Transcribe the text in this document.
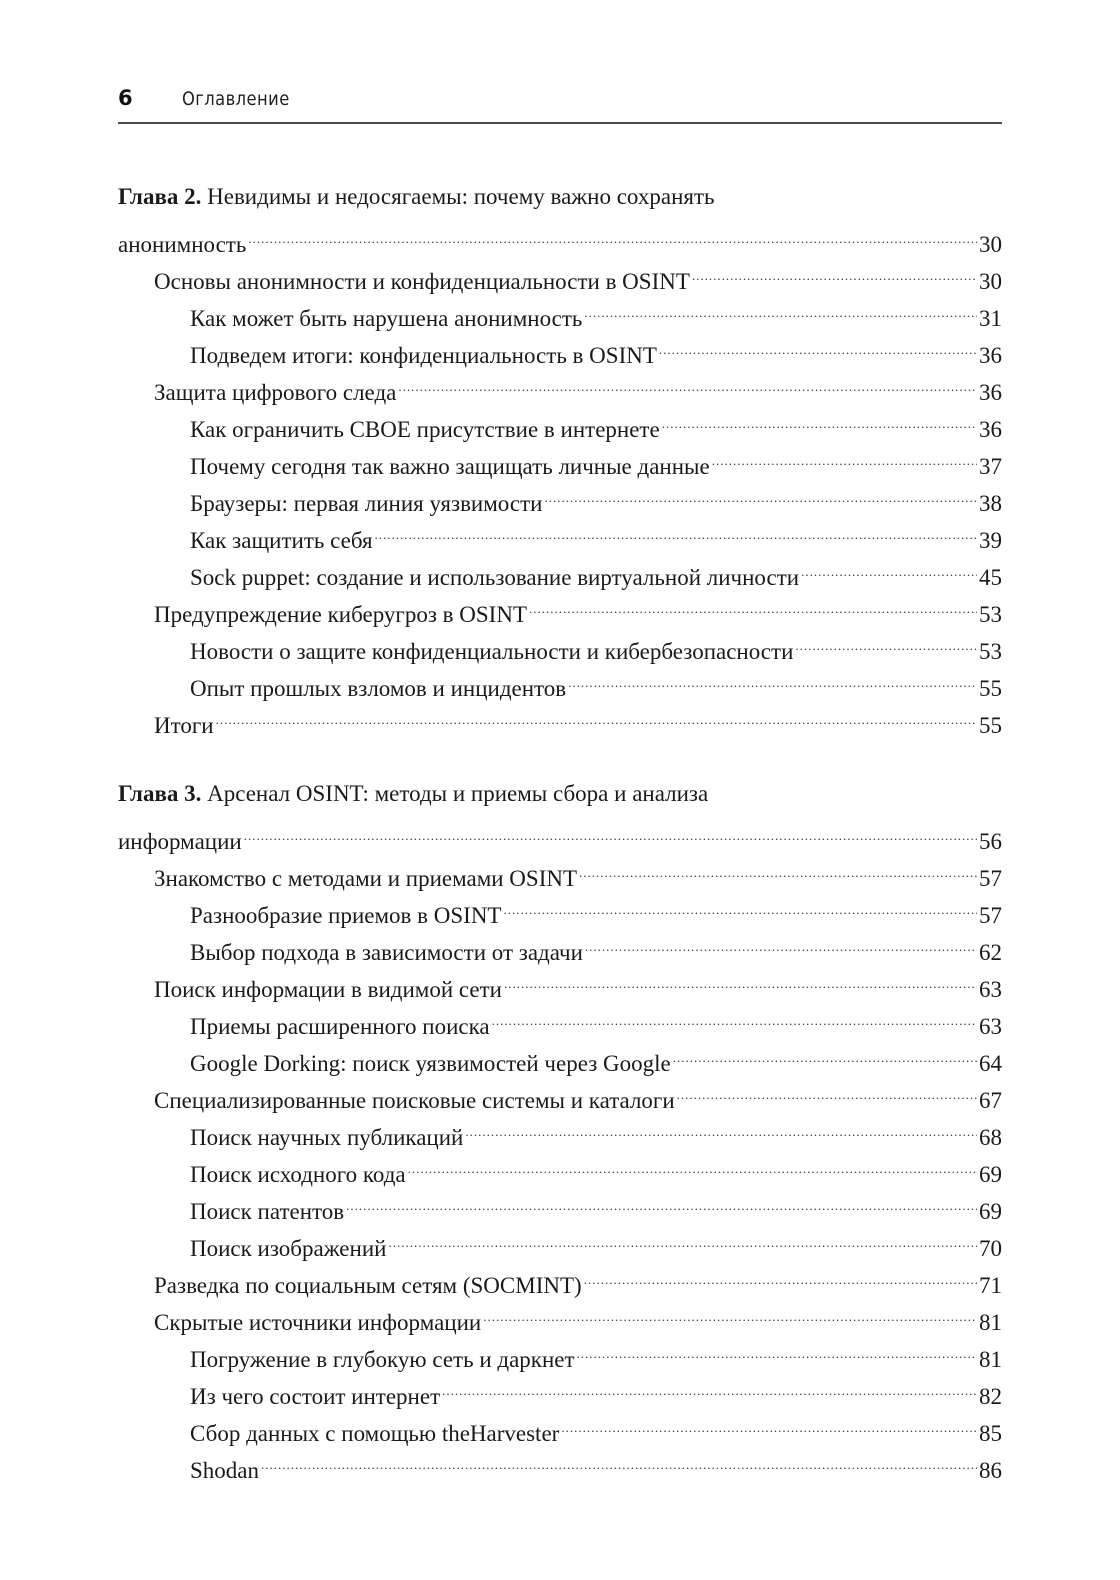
6	Оглавление
Глава 2. Невидимы и недосягаемы: почему важно сохранять
анонимность .....	30
Основы анонимности и конфиденциальности в OSINT .....	30
Как может быть нарушена анонимность .....	31
Подведем итоги: конфиденциальность в OSINT .....	36
Защита цифрового следа .....	36
Как ограничить СВОЕ присутствие в интернете .....	36
Почему сегодня так важно защищать личные данные .....	37
Браузеры: первая линия уязвимости .....	38
Как защитить себя .....	39
Sock puppet: создание и использование виртуальной личности .....	45
Предупреждение киберугроз в OSINT .....	53
Новости о защите конфиденциальности и кибербезопасности .....	53
Опыт прошлых взломов и инцидентов .....	55
Итоги .....	55
Глава 3. Арсенал OSINT: методы и приемы сбора и анализа
информации .....	56
Знакомство с методами и приемами OSINT .....	57
Разнообразие приемов в OSINT .....	57
Выбор подхода в зависимости от задачи .....	62
Поиск информации в видимой сети .....	63
Приемы расширенного поиска .....	63
Google Dorking: поиск уязвимостей через Google .....	64
Специализированные поисковые системы и каталоги .....	67
Поиск научных публикаций .....	68
Поиск исходного кода .....	69
Поиск патентов .....	69
Поиск изображений .....	70
Разведка по социальным сетям (SOCMINT) .....	71
Скрытые источники информации .....	81
Погружение в глубокую сеть и даркнет .....	81
Из чего состоит интернет .....	82
Сбор данных с помощью theHarvester .....	85
Shodan .....	86
